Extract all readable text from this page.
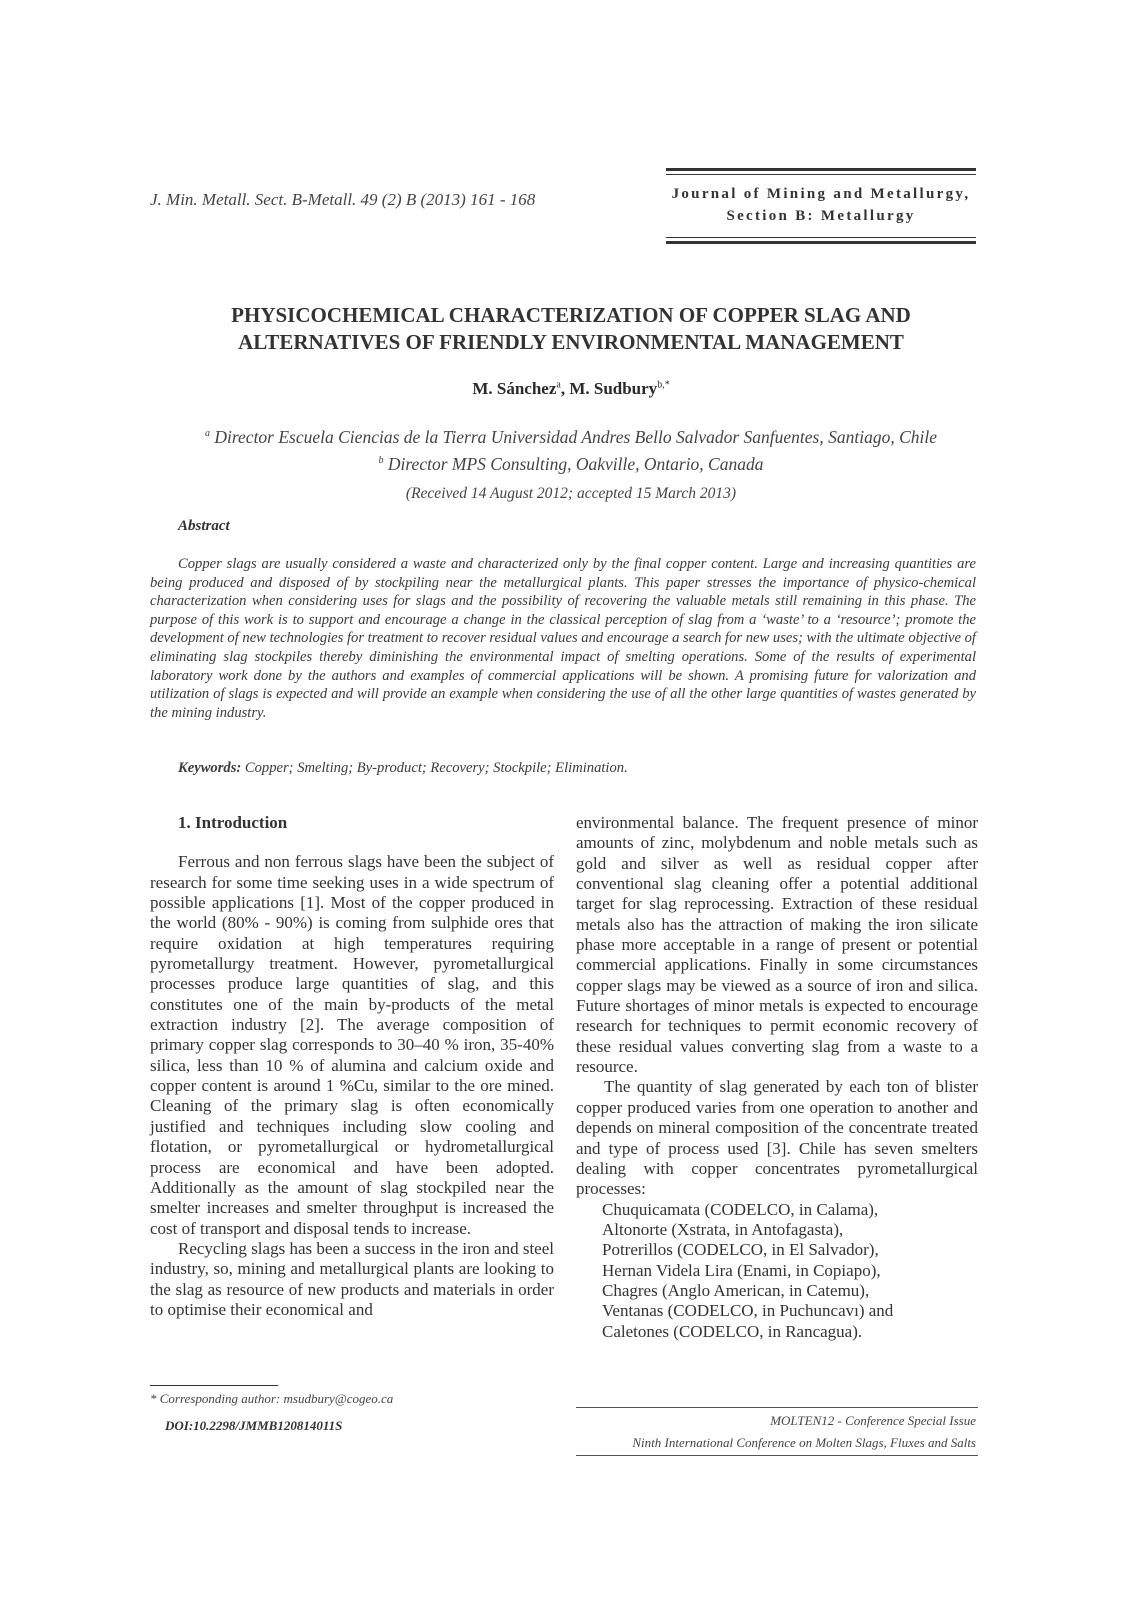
J. Min. Metall. Sect. B-Metall. 49 (2) B (2013) 161 - 168	Journal of Mining and Metallurgy,
Section B: Metallurgy
PHYSICOCHEMICAL CHARACTERIZATION OF COPPER SLAG AND
ALTERNATIVES OF FRIENDLY ENVIRONMENTAL MANAGEMENT
M. Sánchez$^a$, M. Sudbury$^{b,*}$
$^a$ Director Escuela Ciencias de la Tierra Universidad Andres Bello Salvador Sanfuentes, Santiago, Chile
$^b$ Director MPS Consulting, Oakville, Ontario, Canada
(Received 14 August 2012; accepted 15 March 2013)
Abstract
Copper slags are usually considered a waste and characterized only by the final copper content. Large and increasing quantities are being produced and disposed of by stockpiling near the metallurgical plants. This paper stresses the importance of physico-chemical characterization when considering uses for slags and the possibility of recovering the valuable metals still remaining in this phase. The purpose of this work is to support and encourage a change in the classical perception of slag from a ‘waste’ to a ‘resource’; promote the development of new technologies for treatment to recover residual values and encourage a search for new uses; with the ultimate objective of eliminating slag stockpiles thereby diminishing the environmental impact of smelting operations. Some of the results of experimental laboratory work done by the authors and examples of commercial applications will be shown. A promising future for valorization and utilization of slags is expected and will provide an example when considering the use of all the other large quantities of wastes generated by the mining industry.
Keywords: Copper; Smelting; By-product; Recovery; Stockpile; Elimination.
1. Introduction

Ferrous and non ferrous slags have been the subject of research for some time seeking uses in a wide spectrum of possible applications [1]. Most of the copper produced in the world (80% - 90%) is coming from sulphide ores that require oxidation at high temperatures requiring pyrometallurgy treatment. However, pyrometallurgical processes produce large quantities of slag, and this constitutes one of the main by-products of the metal extraction industry [2]. The average composition of primary copper slag corresponds to 30–40 % iron, 35-40% silica, less than 10 % of alumina and calcium oxide and copper content is around 1 %Cu, similar to the ore mined. Cleaning of the primary slag is often economically justified and techniques including slow cooling and flotation, or pyrometallurgical or hydrometallurgical process are economical and have been adopted. Additionally as the amount of slag stockpiled near the smelter increases and smelter throughput is increased the cost of transport and disposal tends to increase.

Recycling slags has been a success in the iron and steel industry, so, mining and metallurgical plants are looking to the slag as resource of new products and materials in order to optimise their economical and

environmental balance. The frequent presence of minor amounts of zinc, molybdenum and noble metals such as gold and silver as well as residual copper after conventional slag cleaning offer a potential additional target for slag reprocessing. Extraction of these residual metals also has the attraction of making the iron silicate phase more acceptable in a range of present or potential commercial applications. Finally in some circumstances copper slags may be viewed as a source of iron and silica. Future shortages of minor metals is expected to encourage research for techniques to permit economic recovery of these residual values converting slag from a waste to a resource.

The quantity of slag generated by each ton of blister copper produced varies from one operation to another and depends on mineral composition of the concentrate treated and type of process used [3]. Chile has seven smelters dealing with copper concentrates pyrometallurgical processes:

Chuquicamata (CODELCO, in Calama),
Altonorte (Xstrata, in Antofagasta),
Potrerillos (CODELCO, in El Salvador),
Hernan Videla Lira (Enami, in Copiapo),
Chagres (Anglo American, in Catemu),
Ventanas (CODELCO, in Puchuncavı) and
Caletones (CODELCO, in Rancagua).
* Corresponding author: msudbury@cogeo.ca
DOI:10.2298/JMMB120814011S	MOLTEN12 - Conference Special Issue
Ninth International Conference on Molten Slags, Fluxes and Salts
